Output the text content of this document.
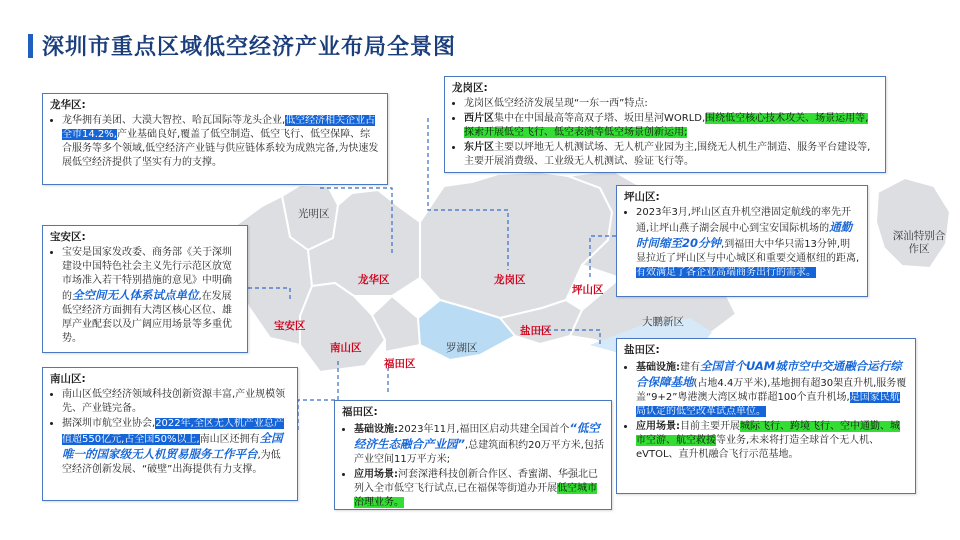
深圳市重点区域低空经济产业布局全景图
光明区
龙华区
宝安区
南山区
福田区
罗湖区
龙岗区
坪山区
盐田区
大鹏新区
深汕特别合作区
龙华区:
• 龙华拥有美团、大漠大智控、哈瓦国际等龙头企业,低空经济相关企业占全市14.2%,产业基础良好,覆盖了低空制造、低空飞行、低空保障、综合服务等多个领域,低空经济产业链与供应链体系较为成熟完备,为快速发展低空经济提供了坚实有力的支撑。
宝安区:
• 宝安是国家发改委、商务部《关于深圳建设中国特色社会主义先行示范区放宽市场准入若干特别措施的意见》中明确的全空间无人体系试点单位,在发展低空经济方面拥有大湾区核心区位、雄厚产业配套以及广阔应用场景等多重优势。
南山区:
• 南山区低空经济领域科技创新资源丰富,产业规模领先、产业链完备。
• 据深圳市航空业协会,2022年,全区无人机产业总产值超550亿元,占全国50%以上,南山区还拥有全国唯一的国家级无人机贸易服务工作平台,为低空经济创新发展、“破壁”出海提供有力支撑。
福田区:
• 基础设施:2023年11月,福田区启动共建全国首个“低空经济生态融合产业园”,总建筑面积约20万平方米,包括产业空间11万平方米;
• 应用场景:河套深港科技创新合作区、香蜜湖、华强北已列入全市低空飞行试点,已在福保等街道办开展低空城市治理业务。
龙岗区:
• 龙岗区低空经济发展呈现“一东一西”特点:
• 西片区集中在中国最高等高双子塔、坂田星河WORLD,围绕低空核心技术攻关、场景运用等,探索开展低空飞行、低空表演等低空场景创新运用;
• 东片区主要以坪地无人机测试场、无人机产业园为主,围绕无人机生产制造、服务平台建设等,主要开展消费级、工业级无人机测试、验证飞行等。
坪山区:
• 2023年3月,坪山区直升机空港固定航线的率先开通,让坪山燕子湖会展中心到宝安国际机场的通勤时间缩至20分钟,到福田大中华只需13分钟,明显拉近了坪山区与中心城区和重要交通枢纽的距离,有效满足了各企业高端商务出行的需求。
盐田区:
• 基础设施:建有全国首个UAM城市空中交通融合运行综合保障基地(占地4.4万平米),基地拥有超30架直升机,服务覆盖“9+2”粤港澳大湾区城市群超100个直升机场,是国家民航局认定的低空改革试点单位。
• 应用场景:目前主要开展城际飞行、跨境飞行、空中通勤、城市空游、航空救援等业务,未来将打造全球首个无人机、eVTOL、直升机融合飞行示范基地。
